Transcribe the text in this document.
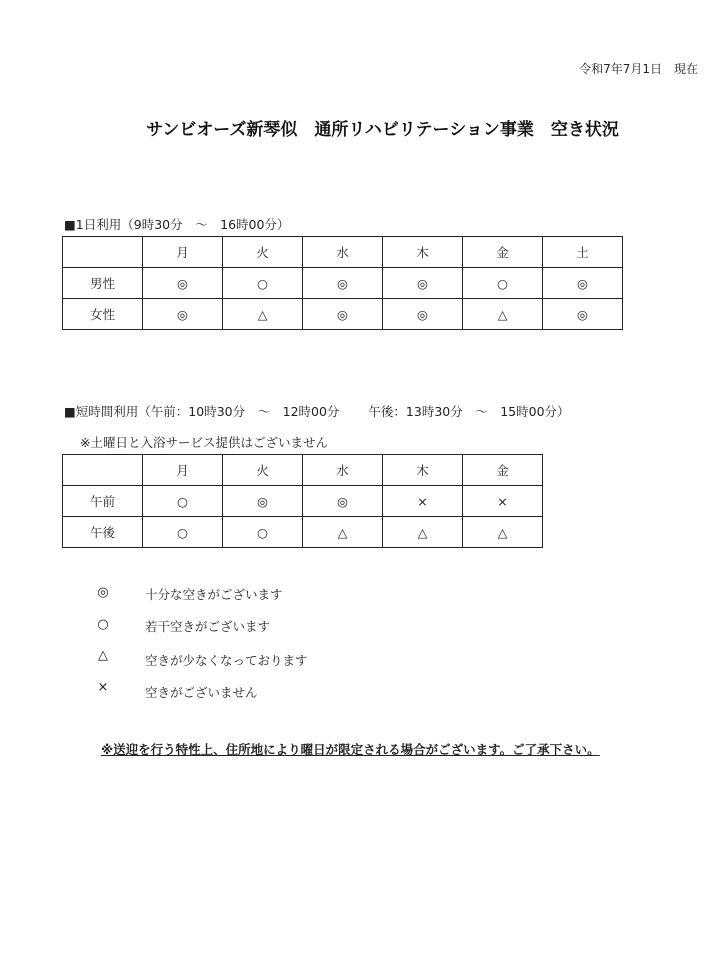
令和7年7月1日　現在
サンビオーズ新琴似　通所リハビリテーション事業　空き状況
■1日利用（9時30分　～　16時00分）
	月	火	水	木	金	土
男性	◎	○	◎	◎	○	◎
女性	◎	△	◎	◎	△	◎
■短時間利用（午前：10時30分　～　12時00分　　 午後：13時30分　～　15時00分）
※土曜日と入浴サービス提供はございません
	月	火	水	木	金
午前	○	◎	◎	×	×
午後	○	○	△	△	△
◎	十分な空きがございます
○	若干空きがございます
△	空きが少なくなっております
×	空きがございません
※送迎を行う特性上、住所地により曜日が限定される場合がございます。ご了承下さい。
